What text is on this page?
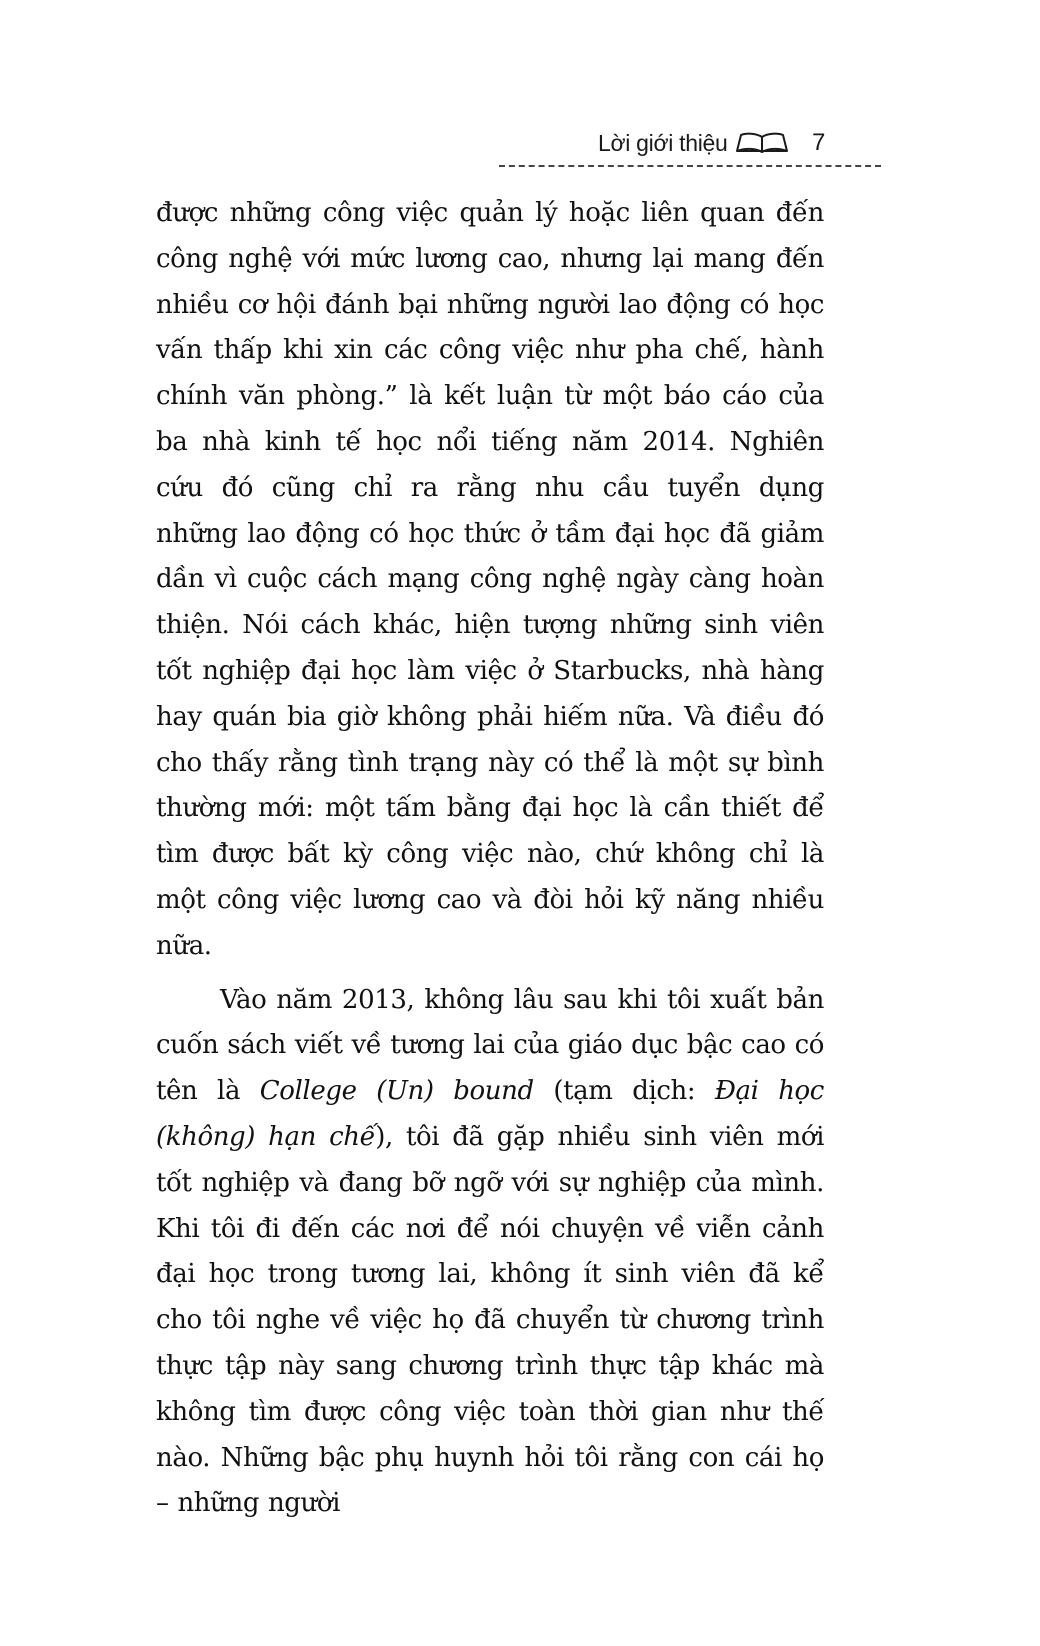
Lời giới thiệu	7

được những công việc quản lý hoặc liên quan đến công nghệ với mức lương cao, nhưng lại mang đến nhiều cơ hội đánh bại những người lao động có học vấn thấp khi xin các công việc như pha chế, hành chính văn phòng.” là kết luận từ một báo cáo của ba nhà kinh tế học nổi tiếng năm 2014. Nghiên cứu đó cũng chỉ ra rằng nhu cầu tuyển dụng những lao động có học thức ở tầm đại học đã giảm dần vì cuộc cách mạng công nghệ ngày càng hoàn thiện. Nói cách khác, hiện tượng những sinh viên tốt nghiệp đại học làm việc ở Starbucks, nhà hàng hay quán bia giờ không phải hiếm nữa. Và điều đó cho thấy rằng tình trạng này có thể là một sự bình thường mới: một tấm bằng đại học là cần thiết để tìm được bất kỳ công việc nào, chứ không chỉ là một công việc lương cao và đòi hỏi kỹ năng nhiều nữa.

Vào năm 2013, không lâu sau khi tôi xuất bản cuốn sách viết về tương lai của giáo dục bậc cao có tên là College (Un) bound (tạm dịch: Đại học (không) hạn chế), tôi đã gặp nhiều sinh viên mới tốt nghiệp và đang bỡ ngỡ với sự nghiệp của mình. Khi tôi đi đến các nơi để nói chuyện về viễn cảnh đại học trong tương lai, không ít sinh viên đã kể cho tôi nghe về việc họ đã chuyển từ chương trình thực tập này sang chương trình thực tập khác mà không tìm được công việc toàn thời gian như thế nào. Những bậc phụ huynh hỏi tôi rằng con cái họ – những người
